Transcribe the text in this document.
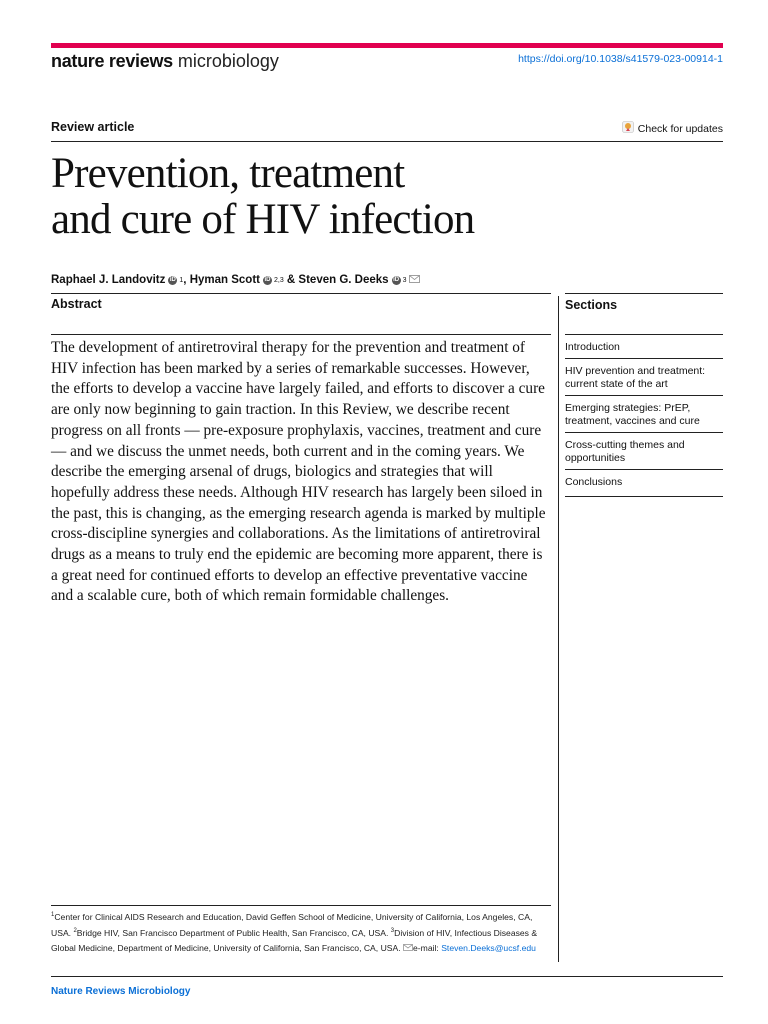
nature reviews microbiology	https://doi.org/10.1038/s41579-023-00914-1
Review article	Check for updates
Prevention, treatment
and cure of HIV infection
Raphael J. Landovitz iD 1 , Hyman Scott iD 2,3 & Steven G. Deeks iD 3
Abstract	Sections
The development of antiretroviral therapy for the prevention and treatment of HIV infection has been marked by a series of remarkable successes. However, the efforts to develop a vaccine have largely failed, and efforts to discover a cure are only now beginning to gain traction. In this Review, we describe recent progress on all fronts — pre-exposure prophylaxis, vaccines, treatment and cure — and we discuss the unmet needs, both current and in the coming years. We describe the emerging arsenal of drugs, biologics and strategies that will hopefully address these needs. Although HIV research has largely been siloed in the past, this is changing, as the emerging research agenda is marked by multiple cross-discipline synergies and collaborations. As the limitations of antiretroviral drugs as a means to truly end the epidemic are becoming more apparent, there is a great need for continued efforts to develop an effective preventative vaccine and a scalable cure, both of which remain formidable challenges.
Introduction
HIV prevention and treatment: current state of the art
Emerging strategies: PrEP, treatment, vaccines and cure
Cross-cutting themes and opportunities
Conclusions
$^1$Center for Clinical AIDS Research and Education, David Geffen School of Medicine, University of California, Los Angeles, CA, USA. $^2$Bridge HIV, San Francisco Department of Public Health, San Francisco, CA, USA. $^3$Division of HIV, Infectious Diseases & Global Medicine, Department of Medicine, University of California, San Francisco, CA, USA. e-mail: Steven.Deeks@ucsf.edu
Nature Reviews Microbiology
